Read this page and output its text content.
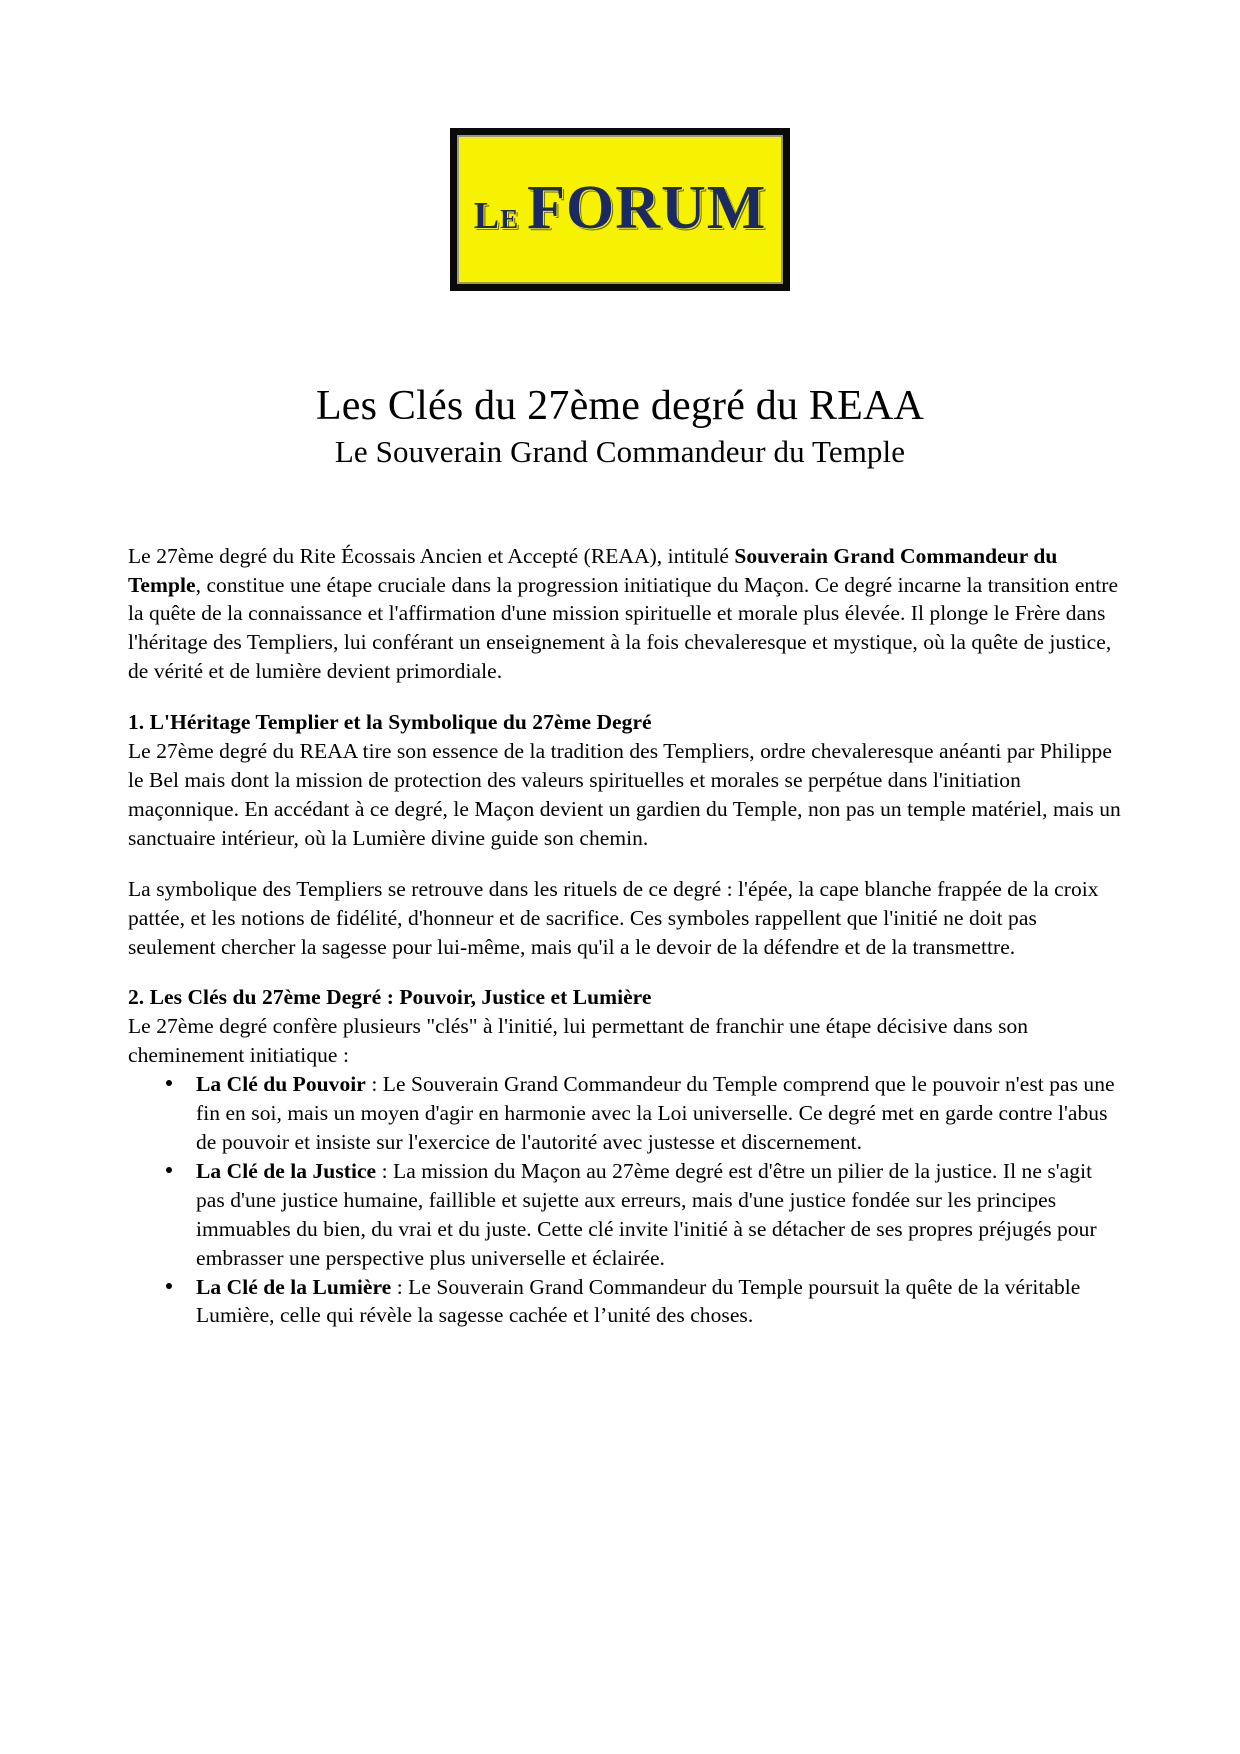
Le FORUM
Les Clés du 27ème degré du REAA
Le Souverain Grand Commandeur du Temple

Le 27ème degré du Rite Écossais Ancien et Accepté (REAA), intitulé Souverain Grand Commandeur du Temple, constitue une étape cruciale dans la progression initiatique du Maçon. Ce degré incarne la transition entre la quête de la connaissance et l'affirmation d'une mission spirituelle et morale plus élevée. Il plonge le Frère dans l'héritage des Templiers, lui conférant un enseignement à la fois chevaleresque et mystique, où la quête de justice, de vérité et de lumière devient primordiale.

1. L'Héritage Templier et la Symbolique du 27ème Degré

Le 27ème degré du REAA tire son essence de la tradition des Templiers, ordre chevaleresque anéanti par Philippe le Bel mais dont la mission de protection des valeurs spirituelles et morales se perpétue dans l'initiation maçonnique. En accédant à ce degré, le Maçon devient un gardien du Temple, non pas un temple matériel, mais un sanctuaire intérieur, où la Lumière divine guide son chemin.

La symbolique des Templiers se retrouve dans les rituels de ce degré : l'épée, la cape blanche frappée de la croix pattée, et les notions de fidélité, d'honneur et de sacrifice. Ces symboles rappellent que l'initié ne doit pas seulement chercher la sagesse pour lui-même, mais qu'il a le devoir de la défendre et de la transmettre.

2. Les Clés du 27ème Degré : Pouvoir, Justice et Lumière

Le 27ème degré confère plusieurs "clés" à l'initié, lui permettant de franchir une étape décisive dans son cheminement initiatique :

La Clé du Pouvoir : Le Souverain Grand Commandeur du Temple comprend que le pouvoir n'est pas une fin en soi, mais un moyen d'agir en harmonie avec la Loi universelle. Ce degré met en garde contre l'abus de pouvoir et insiste sur l'exercice de l'autorité avec justesse et discernement.
La Clé de la Justice : La mission du Maçon au 27ème degré est d'être un pilier de la justice. Il ne s'agit pas d'une justice humaine, faillible et sujette aux erreurs, mais d'une justice fondée sur les principes immuables du bien, du vrai et du juste. Cette clé invite l'initié à se détacher de ses propres préjugés pour embrasser une perspective plus universelle et éclairée.
La Clé de la Lumière : Le Souverain Grand Commandeur du Temple poursuit la quête de la véritable Lumière, celle qui révèle la sagesse cachée et l’unité des choses.
